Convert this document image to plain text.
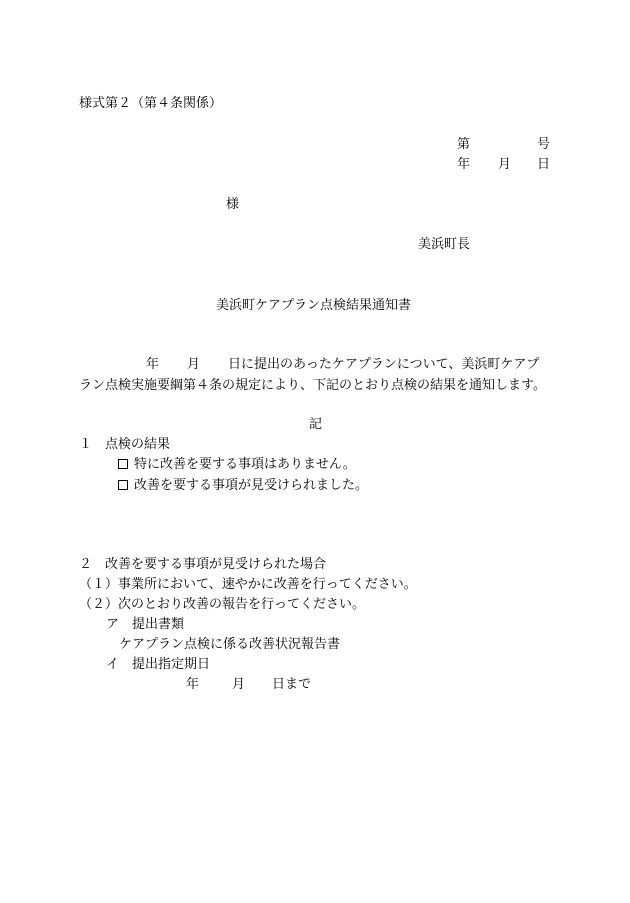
様式第２（第４条関係）
第	号
年 月 日
様
美浜町長
美浜町ケアプラン点検結果通知書
年 月 日に提出のあったケアプランについて、美浜町ケアプ
ラン点検実施要綱第４条の規定により、下記のとおり点検の結果を通知します。
記
１　点検の結果
特に改善を要する事項はありません。
改善を要する事項が見受けられました。
２　改善を要する事項が見受けられた場合
（１）事業所において、速やかに改善を行ってください。
（２）次のとおり改善の報告を行ってください。
ア　提出書類
ケアプラン点検に係る改善状況報告書
イ　提出指定期日
年	月 日まで
